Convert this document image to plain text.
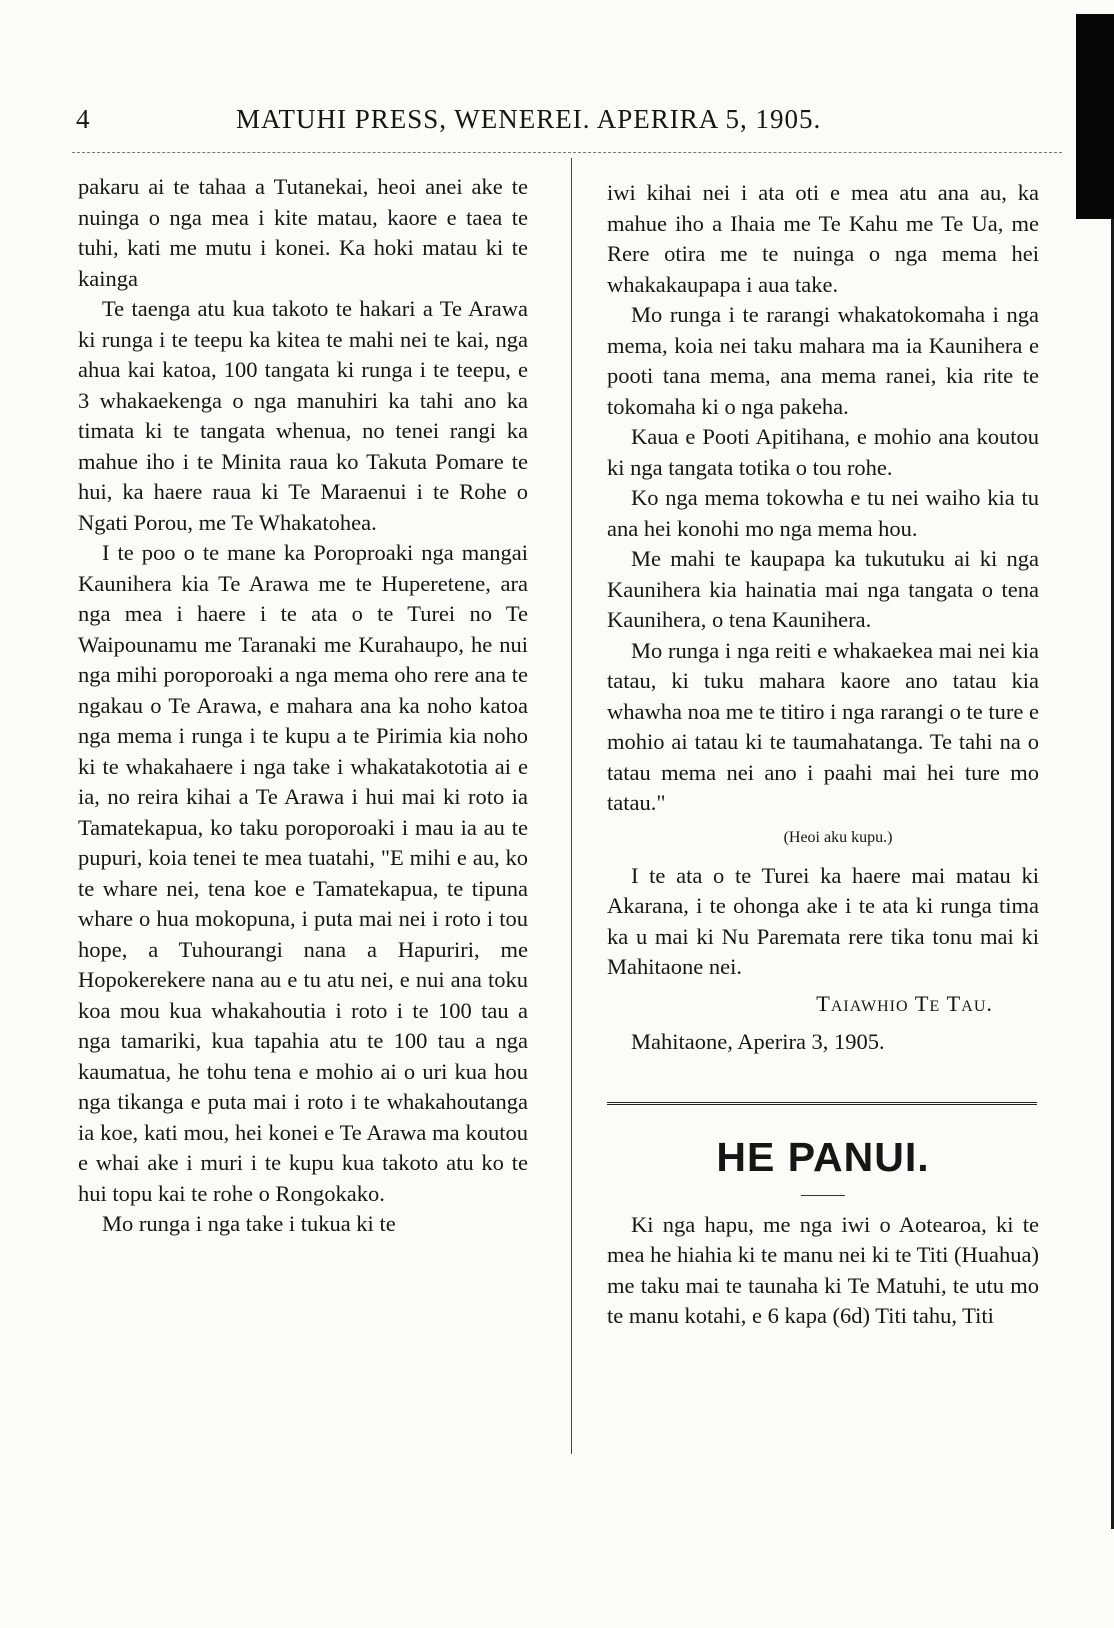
4	MATUHI PRESS, WENEREI. APERIRA 5, 1905.

pakaru ai te tahaa a Tutanekai, heoi anei ake te nuinga o nga mea i kite matau, kaore e taea te tuhi, kati me mutu i konei. Ka hoki matau ki te kainga

Te taenga atu kua takoto te hakari a Te Arawa ki runga i te teepu ka kitea te mahi nei te kai, nga ahua kai katoa, 100 tangata ki runga i te teepu, e 3 whakaekenga o nga manuhiri ka tahi ano ka timata ki te tangata whenua, no tenei rangi ka mahue iho i te Minita raua ko Takuta Pomare te hui, ka haere raua ki Te Maraenui i te Rohe o Ngati Porou, me Te Whakatohea.

I te poo o te mane ka Poroproaki nga mangai Kaunihera kia Te Arawa me te Huperetene, ara nga mea i haere i te ata o te Turei no Te Waipounamu me Taranaki me Kurahaupo, he nui nga mihi poroporoaki a nga mema oho rere ana te ngakau o Te Arawa, e mahara ana ka noho katoa nga mema i runga i te kupu a te Pirimia kia noho ki te whakahaere i nga take i whakatakototia ai e ia, no reira kihai a Te Arawa i hui mai ki roto ia Tamatekapua, ko taku poroporoaki i mau ia au te pupuri, koia tenei te mea tuatahi, "E mihi e au, ko te whare nei, tena koe e Tamatekapua, te tipuna whare o hua mokopuna, i puta mai nei i roto i tou hope, a Tuhourangi nana a Hapuriri, me Hopokerekere nana au e tu atu nei, e nui ana toku koa mou kua whakahoutia i roto i te 100 tau a nga tamariki, kua tapahia atu te 100 tau a nga kaumatua, he tohu tena e mohio ai o uri kua hou nga tikanga e puta mai i roto i te whakahoutanga ia koe, kati mou, hei konei e Te Arawa ma koutou e whai ake i muri i te kupu kua takoto atu ko te hui topu kai te rohe o Rongokako.

Mo runga i nga take i tukua ki te

iwi kihai nei i ata oti e mea atu ana au, ka mahue iho a Ihaia me Te Kahu me Te Ua, me Rere otira me te nuinga o nga mema hei whakakaupapa i aua take.

Mo runga i te rarangi whakatokomaha i nga mema, koia nei taku mahara ma ia Kaunihera e pooti tana mema, ana mema ranei, kia rite te tokomaha ki o nga pakeha.

Kaua e Pooti Apitihana, e mohio ana koutou ki nga tangata totika o tou rohe.

Ko nga mema tokowha e tu nei waiho kia tu ana hei konohi mo nga mema hou.

Me mahi te kaupapa ka tukutuku ai ki nga Kaunihera kia hainatia mai nga tangata o tena Kaunihera, o tena Kaunihera.

Mo runga i nga reiti e whakaekea mai nei kia tatau, ki tuku mahara kaore ano tatau kia whawha noa me te titiro i nga rarangi o te ture e mohio ai tatau ki te taumahatanga. Te tahi na o tatau mema nei ano i paahi mai hei ture mo tatau."

(Heoi aku kupu.)

I te ata o te Turei ka haere mai matau ki Akarana, i te ohonga ake i te ata ki runga tima ka u mai ki Nu Paremata rere tika tonu mai ki Mahitaone nei.

Taiawhio Te Tau.

Mahitaone, Aperira 3, 1905.

HE PANUI.

Ki nga hapu, me nga iwi o Aotearoa, ki te mea he hiahia ki te manu nei ki te Titi (Huahua) me taku mai te taunaha ki Te Matuhi, te utu mo te manu kotahi, e 6 kapa (6d) Titi tahu, Titi
